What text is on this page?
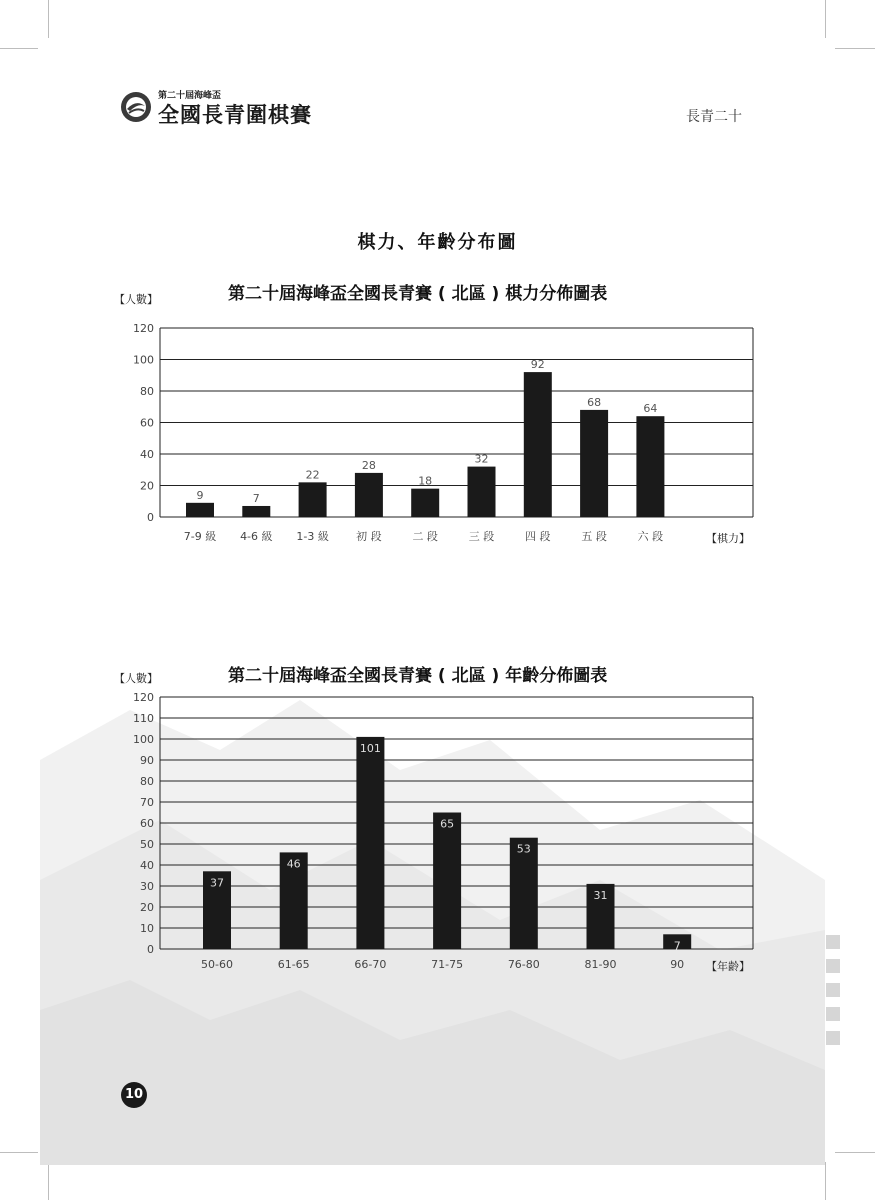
第二十屆海峰盃
全國長青圍棋賽	長青二十
棋力、年齡分布圖
【人數】	第二十屆海峰盃全國長青賽 ( 北區 ) 棋力分佈圖表
【棋力】
120
100
80
60
40
20
0
9
7-9 級
7
4-6 級
22
1-3 級
28
初 段
18
二 段
32
三 段
92
四 段
68
五 段
64
六 段
【人數】	第二十屆海峰盃全國長青賽 ( 北區 ) 年齡分佈圖表
【年齡】
120
110
100
90
80
70
60
50
40
30
20
10
0
37
50-60
46
61-65
101
66-70
65
71-75
53
76-80
31
81-90
7
90
10
